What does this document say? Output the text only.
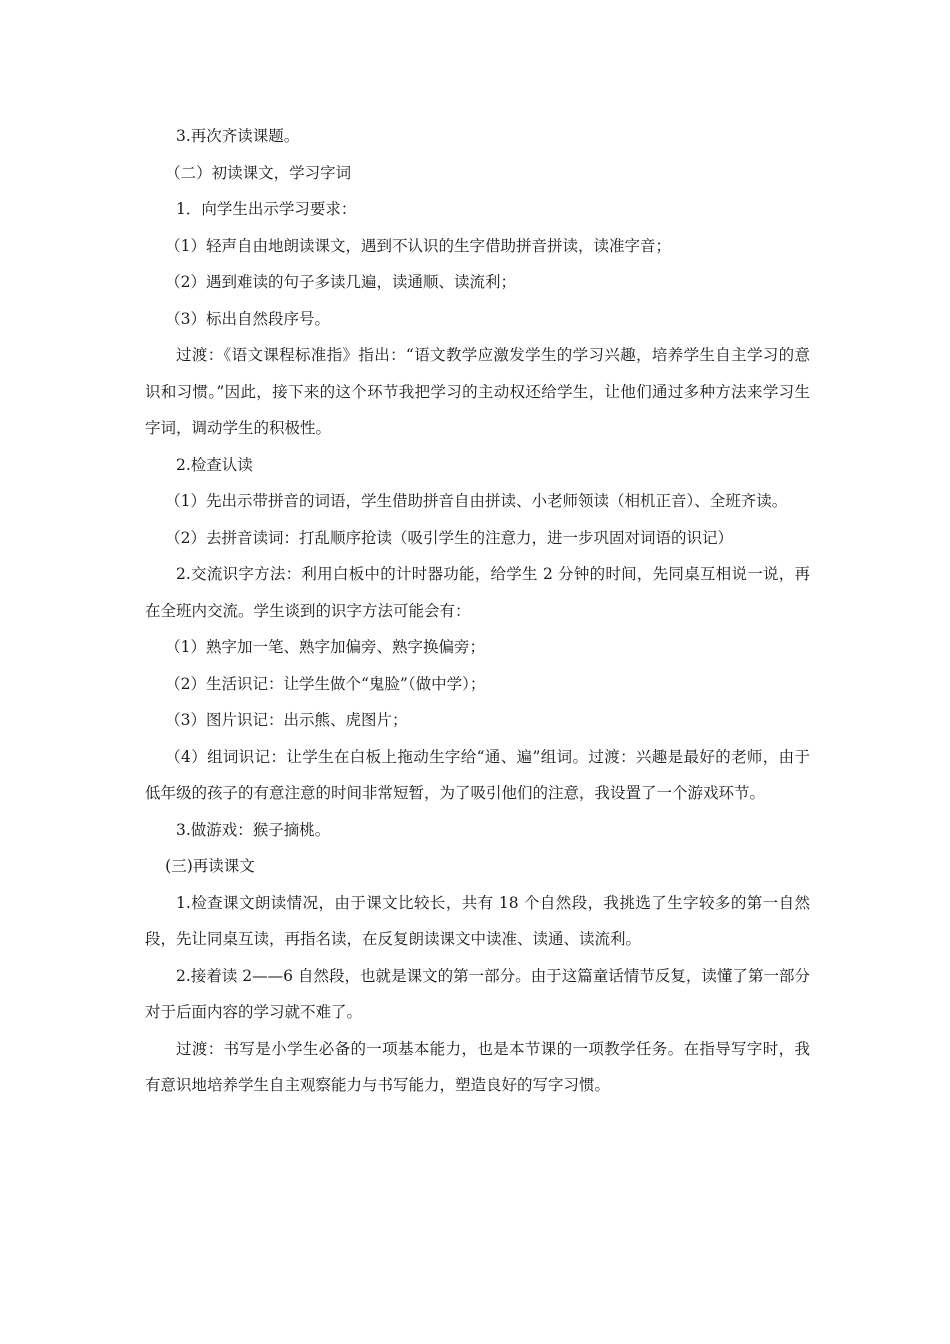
3.再次齐读课题。

（二）初读课文，学习字词

1．向学生出示学习要求：

（1）轻声自由地朗读课文，遇到不认识的生字借助拼音拼读，读准字音；

（2）遇到难读的句子多读几遍，读通顺、读流利；

（3）标出自然段序号。

过渡：《语文课程标准指》指出：“语文教学应激发学生的学习兴趣，培养学生自主学习的意识和习惯。”因此，接下来的这个环节我把学习的主动权还给学生，让他们通过多种方法来学习生字词，调动学生的积极性。

2.检查认读

（1）先出示带拼音的词语，学生借助拼音自由拼读、小老师领读（相机正音）、全班齐读。

（2）去拼音读词：打乱顺序抢读（吸引学生的注意力，进一步巩固对词语的识记）

2.交流识字方法：利用白板中的计时器功能，给学生 2 分钟的时间，先同桌互相说一说，再在全班内交流。学生谈到的识字方法可能会有：

（1）熟字加一笔、熟字加偏旁、熟字换偏旁；

（2）生活识记：让学生做个“鬼脸”（做中学）；

（3）图片识记：出示熊、虎图片；

（4）组词识记：让学生在白板上拖动生字给“通、遍”组词。过渡：兴趣是最好的老师，由于低年级的孩子的有意注意的时间非常短暂，为了吸引他们的注意，我设置了一个游戏环节。

3.做游戏：猴子摘桃。

(三)再读课文

1.检查课文朗读情况，由于课文比较长，共有 18 个自然段，我挑选了生字较多的第一自然段，先让同桌互读，再指名读，在反复朗读课文中读准、读通、读流利。

2.接着读 2——6 自然段，也就是课文的第一部分。由于这篇童话情节反复，读懂了第一部分对于后面内容的学习就不难了。

过渡：书写是小学生必备的一项基本能力，也是本节课的一项教学任务。在指导写字时，我有意识地培养学生自主观察能力与书写能力，塑造良好的写字习惯。
